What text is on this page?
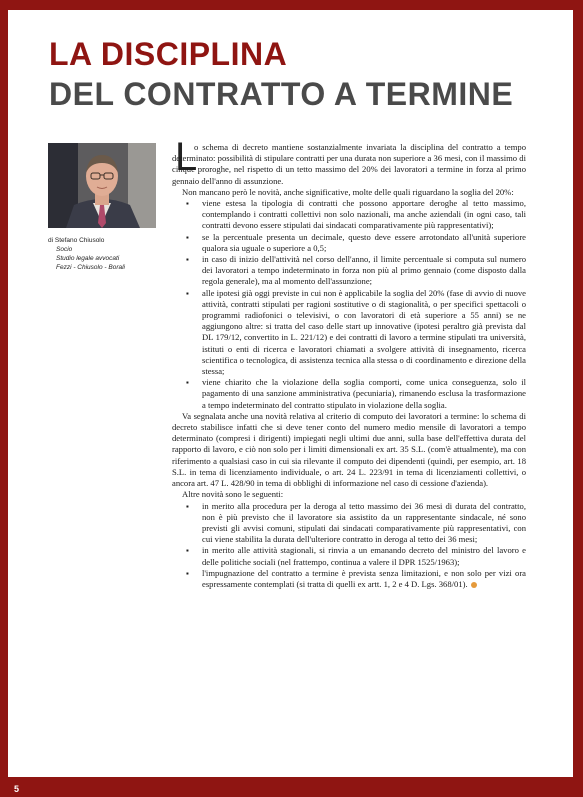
LA DISCIPLINA
DEL CONTRATTO A TERMINE
di Stefano Chiusolo
Socio
Studio legale avvocati
Fezzi - Chiusolo - Borali
L

o schema di decreto mantiene sostanzialmente invariata la disciplina del contratto a tempo determinato: possibilità di stipulare contratti per una durata non superiore a 36 mesi, con il massimo di cinque proroghe, nel rispetto di un tetto massimo del 20% dei lavoratori a termine in forza al primo gennaio dell'anno di assunzione.

Non mancano però le novità, anche significative, molte delle quali riguardano la soglia del 20%:

▪ viene estesa la tipologia di contratti che possono apportare deroghe al tetto massimo, contemplando i contratti collettivi non solo nazionali, ma anche aziendali (in ogni caso, tali contratti devono essere stipulati dai sindacati comparativamente più rappresentativi);
▪ se la percentuale presenta un decimale, questo deve essere arrotondato all'unità superiore qualora sia uguale o superiore a 0,5;
▪ in caso di inizio dell'attività nel corso dell'anno, il limite percentuale si computa sul numero dei lavoratori a tempo indeterminato in forza non più al primo gennaio (come disposto dalla regola generale), ma al momento dell'assunzione;
▪ alle ipotesi già oggi previste in cui non è applicabile la soglia del 20% (fase di avvio di nuove attività, contratti stipulati per ragioni sostitutive o di stagionalità, o per specifici spettacoli o programmi radiofonici o televisivi, o con lavoratori di età superiore a 55 anni) se ne aggiungono altre: si tratta del caso delle start up innovative (ipotesi peraltro già prevista dal DL 179/12, convertito in L. 221/12) e dei contratti di lavoro a termine stipulati tra università, istituti o enti di ricerca e lavoratori chiamati a svolgere attività di insegnamento, ricerca scientifica o tecnologica, di assistenza tecnica alla stessa o di coordinamento e direzione della stessa;
▪ viene chiarito che la violazione della soglia comporti, come unica conseguenza, solo il pagamento di una sanzione amministrativa (pecuniaria), rimanendo esclusa la trasformazione a tempo indeterminato del contratto stipulato in violazione della soglia.

Va segnalata anche una novità relativa al criterio di computo dei lavoratori a termine: lo schema di decreto stabilisce infatti che si deve tener conto del numero medio mensile di lavoratori a tempo determinato (compresi i dirigenti) impiegati negli ultimi due anni, sulla base dell'effettiva durata del rapporto di lavoro, e ciò non solo per i limiti dimensionali ex art. 35 S.L. (com'è attualmente), ma con riferimento a qualsiasi caso in cui sia rilevante il computo dei dipendenti (quindi, per esempio, art. 18 S.L. in tema di licenziamento individuale, o art. 24 L. 223/91 in tema di licenziamenti collettivi, o ancora art. 47 L. 428/90 in tema di obblighi di informazione nel caso di cessione d'azienda).

Altre novità sono le seguenti:

▪ in merito alla procedura per la deroga al tetto massimo dei 36 mesi di durata del contratto, non è più previsto che il lavoratore sia assistito da un rappresentante sindacale, né sono previsti gli avvisi comuni, stipulati dai sindacati comparativamente più rappresentativi, con cui viene stabilita la durata dell'ulteriore contratto in deroga al tetto dei 36 mesi;
▪ in merito alle attività stagionali, si rinvia a un emanando decreto del ministro del lavoro e delle politiche sociali (nel frattempo, continua a valere il DPR 1525/1963);
▪ l'impugnazione del contratto a termine è prevista senza limitazioni, e non solo per vizi ora espressamente contemplati (si tratta di quelli ex artt. 1, 2 e 4 D. Lgs. 368/01).
5
